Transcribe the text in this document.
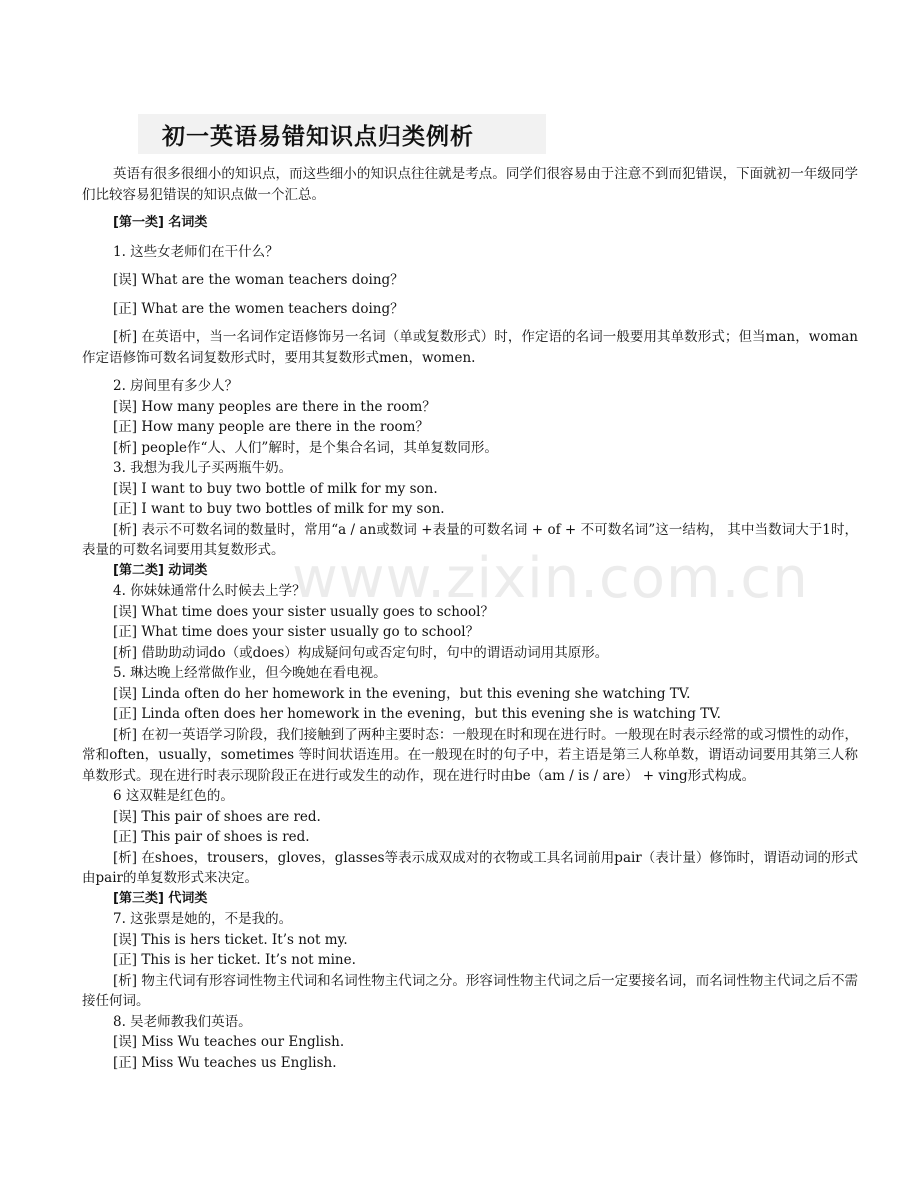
初一英语易错知识点归类例析

英语有很多很细小的知识点，而这些细小的知识点往往就是考点。同学们很容易由于注意不到而犯错误，下面就初一年级同学们比较容易犯错误的知识点做一个汇总。

[第一类] 名词类

1. 这些女老师们在干什么？

[误] What are the woman teachers doing？

[正] What are the women teachers doing？

[析] 在英语中，当一名词作定语修饰另一名词（单或复数形式）时，作定语的名词一般要用其单数形式；但当man，woman作定语修饰可数名词复数形式时，要用其复数形式men，women.

2. 房间里有多少人？

[误] How many peoples are there in the room？

[正] How many people are there in the room？

[析] people作“人、人们”解时，是个集合名词，其单复数同形。

3. 我想为我儿子买两瓶牛奶。

[误] I want to buy two bottle of milk for my son.

[正] I want to buy two bottles of milk for my son.

[析] 表示不可数名词的数量时，常用“a / an或数词 +表量的可数名词 + of + 不可数名词”这一结构， 其中当数词大于1时，表量的可数名词要用其复数形式。

[第二类] 动词类

4. 你妹妹通常什么时候去上学？

[误] What time does your sister usually goes to school？

[正] What time does your sister usually go to school？

[析] 借助助动词do（或does）构成疑问句或否定句时，句中的谓语动词用其原形。

5. 琳达晚上经常做作业，但今晚她在看电视。

[误] Linda often do her homework in the evening，but this evening she watching TV.

[正] Linda often does her homework in the evening，but this evening she is watching TV.

[析] 在初一英语学习阶段，我们接触到了两种主要时态：一般现在时和现在进行时。一般现在时表示经常的或习惯性的动作，常和often，usually，sometimes 等时间状语连用。在一般现在时的句子中，若主语是第三人称单数，谓语动词要用其第三人称单数形式。现在进行时表示现阶段正在进行或发生的动作，现在进行时由be（am / is / are） + ving形式构成。

6 这双鞋是红色的。

[误] This pair of shoes are red.

[正] This pair of shoes is red.

[析] 在shoes，trousers，gloves，glasses等表示成双成对的衣物或工具名词前用pair（表计量）修饰时，谓语动词的形式由pair的单复数形式来决定。

[第三类] 代词类

7. 这张票是她的，不是我的。

[误] This is hers ticket. It’s not my.

[正] This is her ticket. It’s not mine.

[析] 物主代词有形容词性物主代词和名词性物主代词之分。形容词性物主代词之后一定要接名词，而名词性物主代词之后不需接任何词。

8. 吴老师教我们英语。

[误] Miss Wu teaches our English.

[正] Miss Wu teaches us English.

www.zixin.com.cn
